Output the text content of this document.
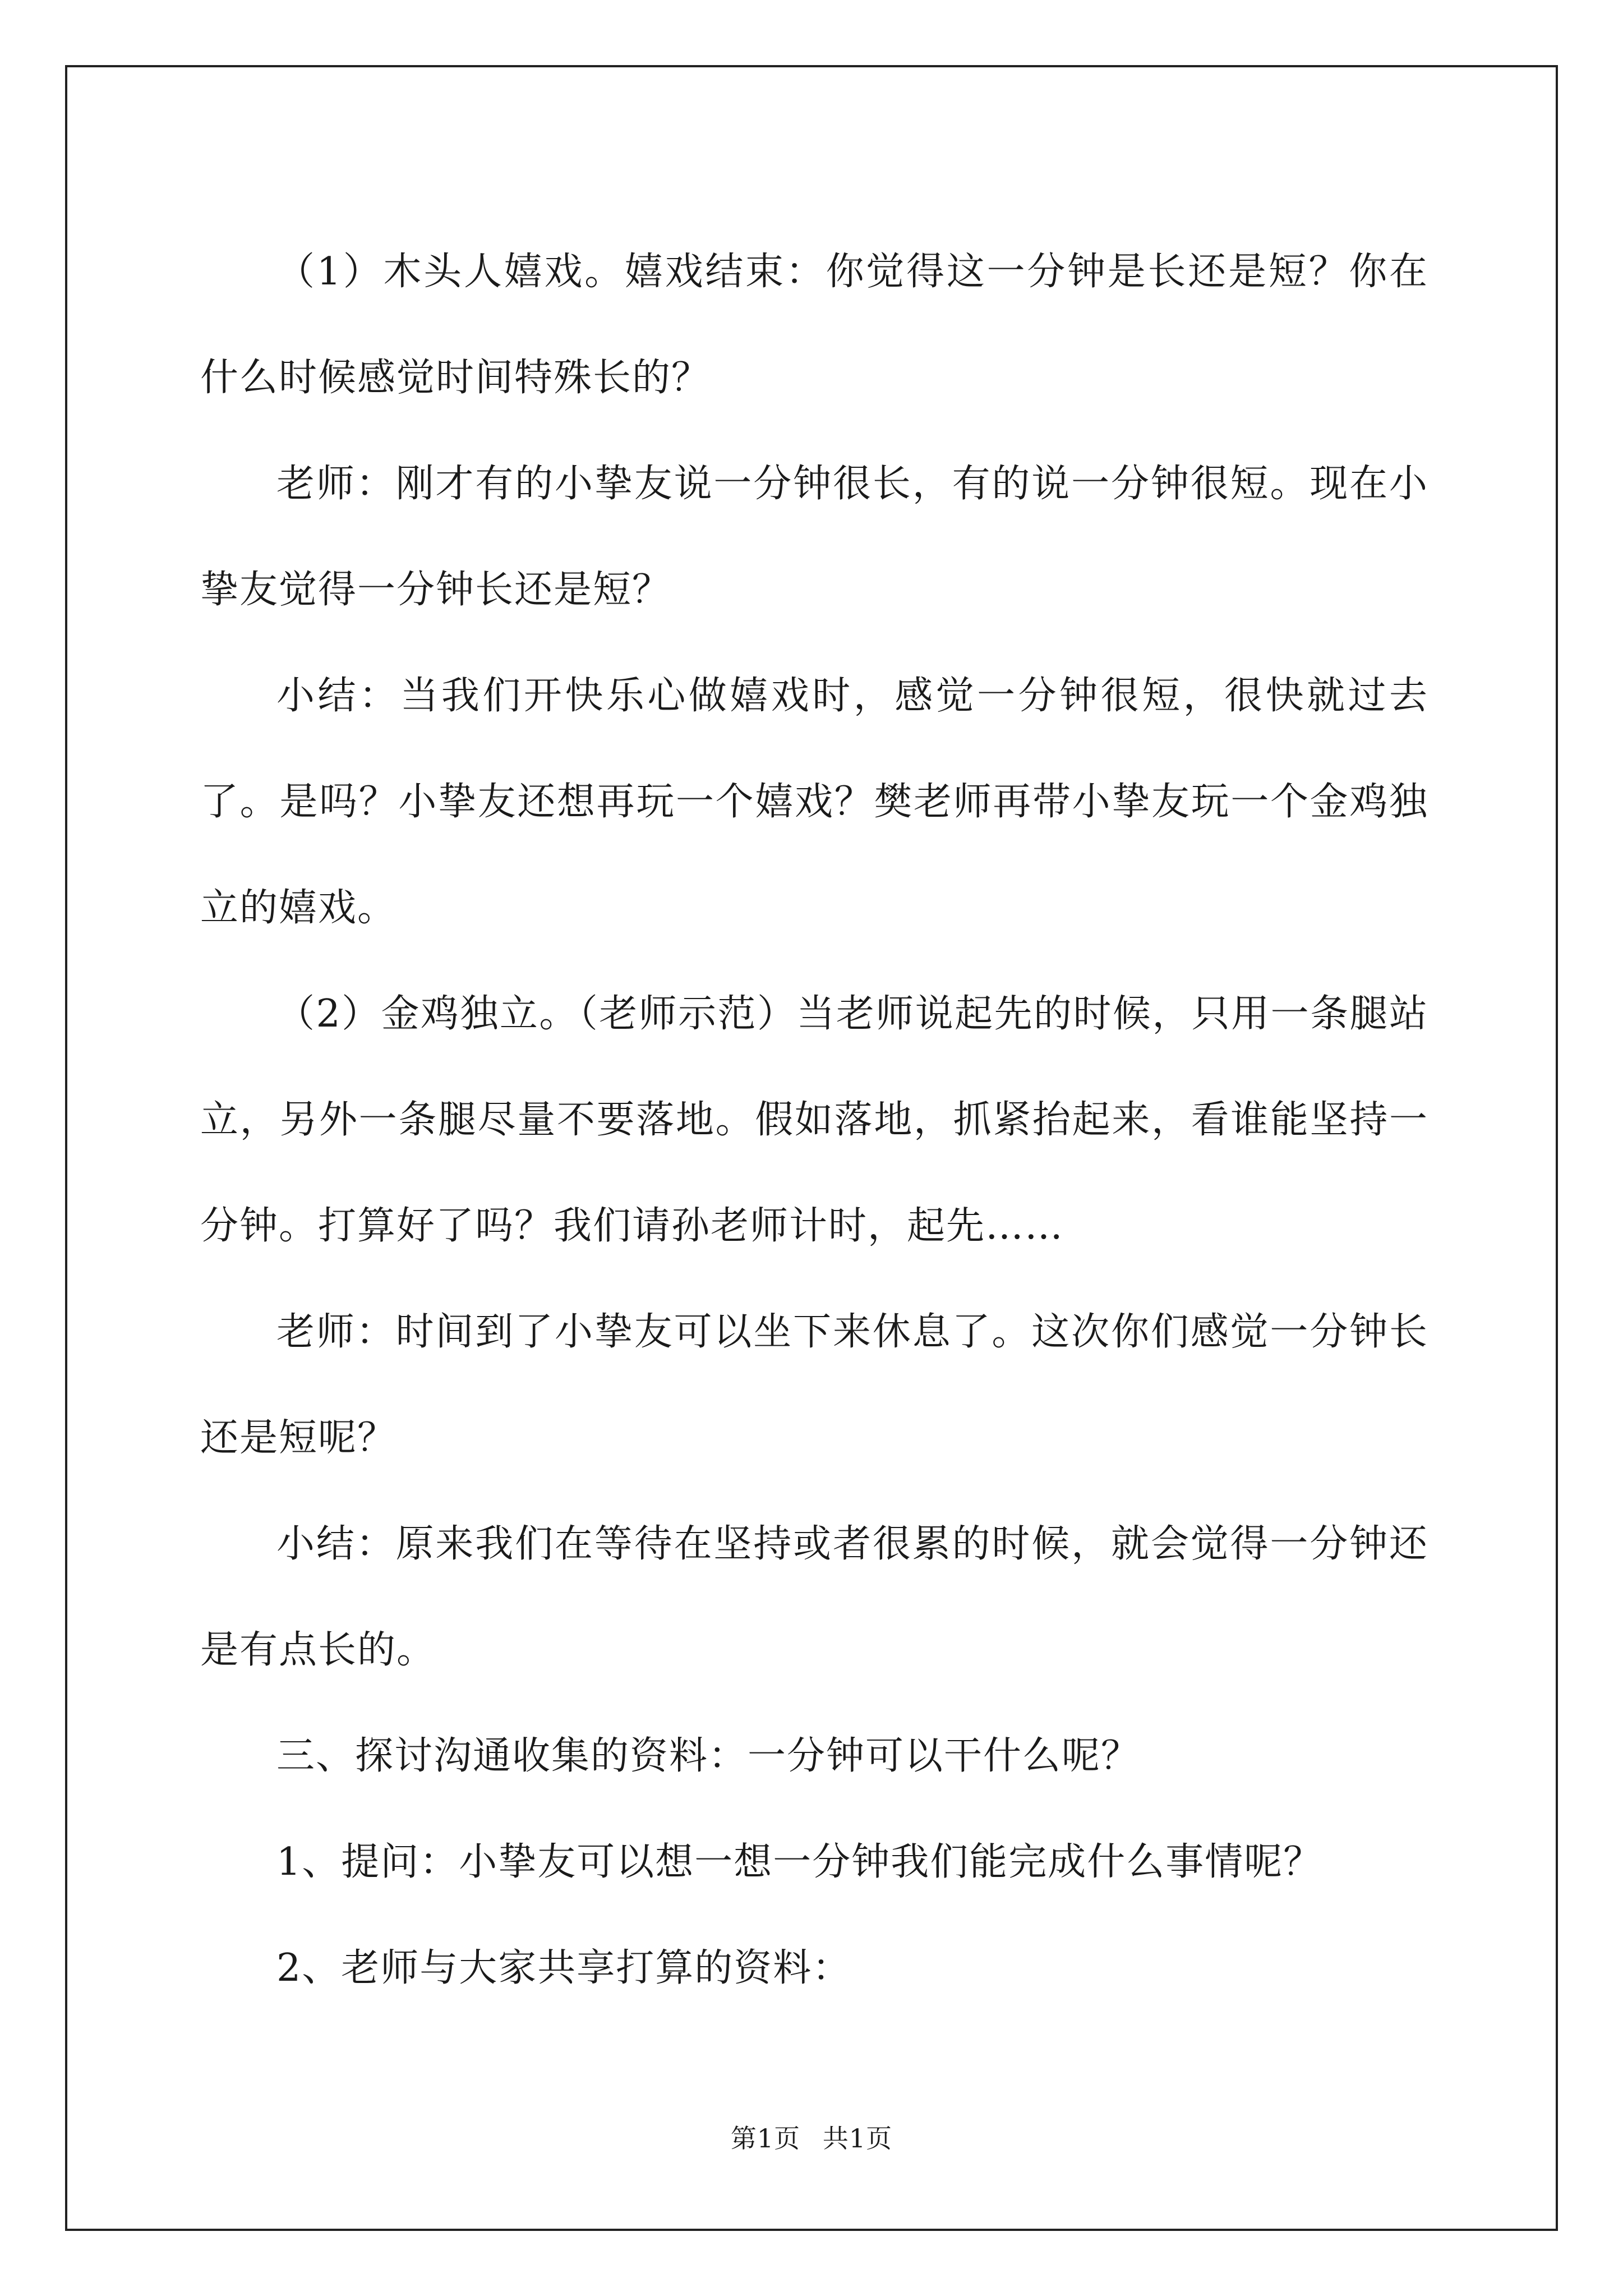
（1）木头人嬉戏。嬉戏结束：你觉得这一分钟是长还是短？你在什么时候感觉时间特殊长的？

老师：刚才有的小挚友说一分钟很长，有的说一分钟很短。现在小挚友觉得一分钟长还是短？

小结：当我们开快乐心做嬉戏时，感觉一分钟很短，很快就过去了。是吗？小挚友还想再玩一个嬉戏？樊老师再带小挚友玩一个金鸡独立的嬉戏。

（2）金鸡独立。（老师示范）当老师说起先的时候，只用一条腿站立，另外一条腿尽量不要落地。假如落地，抓紧抬起来，看谁能坚持一分钟。打算好了吗？我们请孙老师计时，起先……

老师：时间到了小挚友可以坐下来休息了。这次你们感觉一分钟长还是短呢？

小结：原来我们在等待在坚持或者很累的时候，就会觉得一分钟还是有点长的。

三、探讨沟通收集的资料：一分钟可以干什么呢？

1、提问：小挚友可以想一想一分钟我们能完成什么事情呢？

2、老师与大家共享打算的资料：

第1页 共1页
